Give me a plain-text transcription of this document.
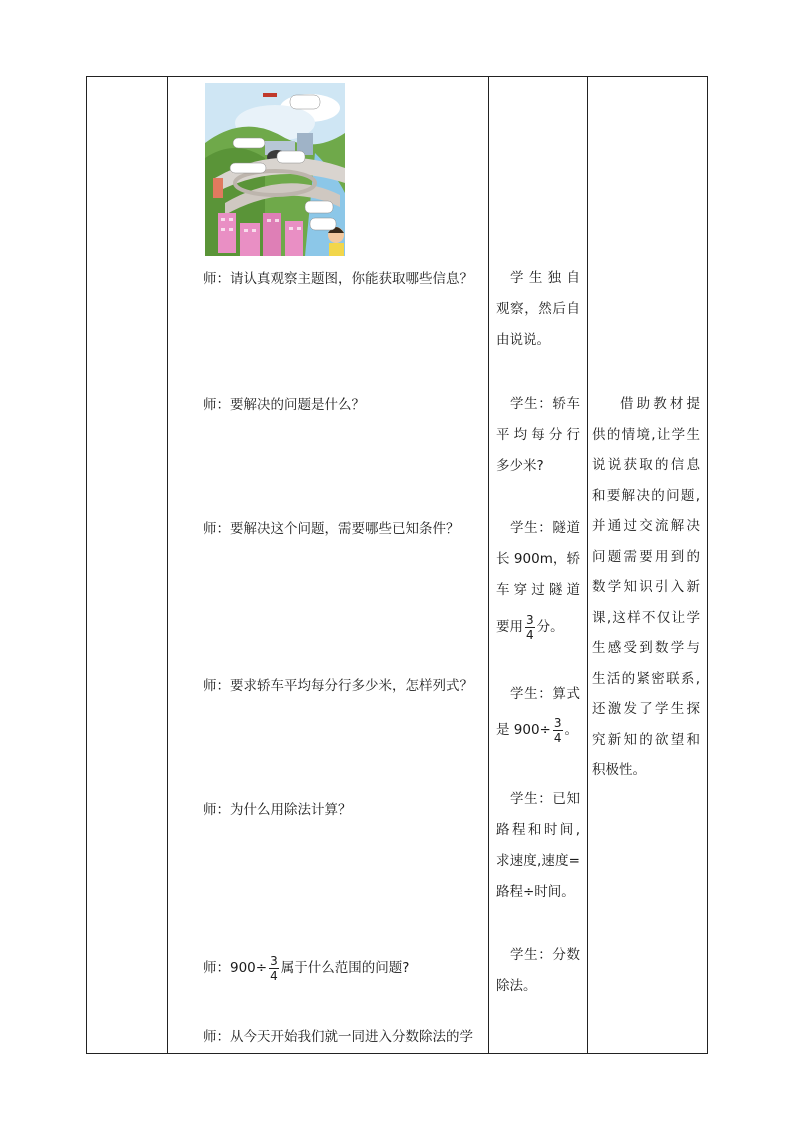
师：请认真观察主题图，你能获取哪些信息？
师：要解决的问题是什么？
师：要解决这个问题，需要哪些已知条件？
师：要求轿车平均每分行多少米，怎样列式？
师：为什么用除法计算？
师：$900\div \frac{3}{4}$ 属于什么范围的问题?
师：从今天开始我们就一同进入分数除法的学
学生独自
观察，然后自
由说说。
学生：轿车
平均每分行
多少米?
学生：隧道
长 900m，轿
车穿过隧道
要用 $\frac{3}{4}$ 分。
学生：算式
是 $900\div \frac{3}{4}$ 。
学生：已知
路程和时间,
求速度,速度=
路程÷时间。
学生：分数
除法。
借助教材提
供的情境,让学生
说说获取的信息
和要解决的问题,
并通过交流解决
问题需要用到的
数学知识引入新
课,这样不仅让学
生感受到数学与
生活的紧密联系,
还激发了学生探
究新知的欲望和
积极性。
